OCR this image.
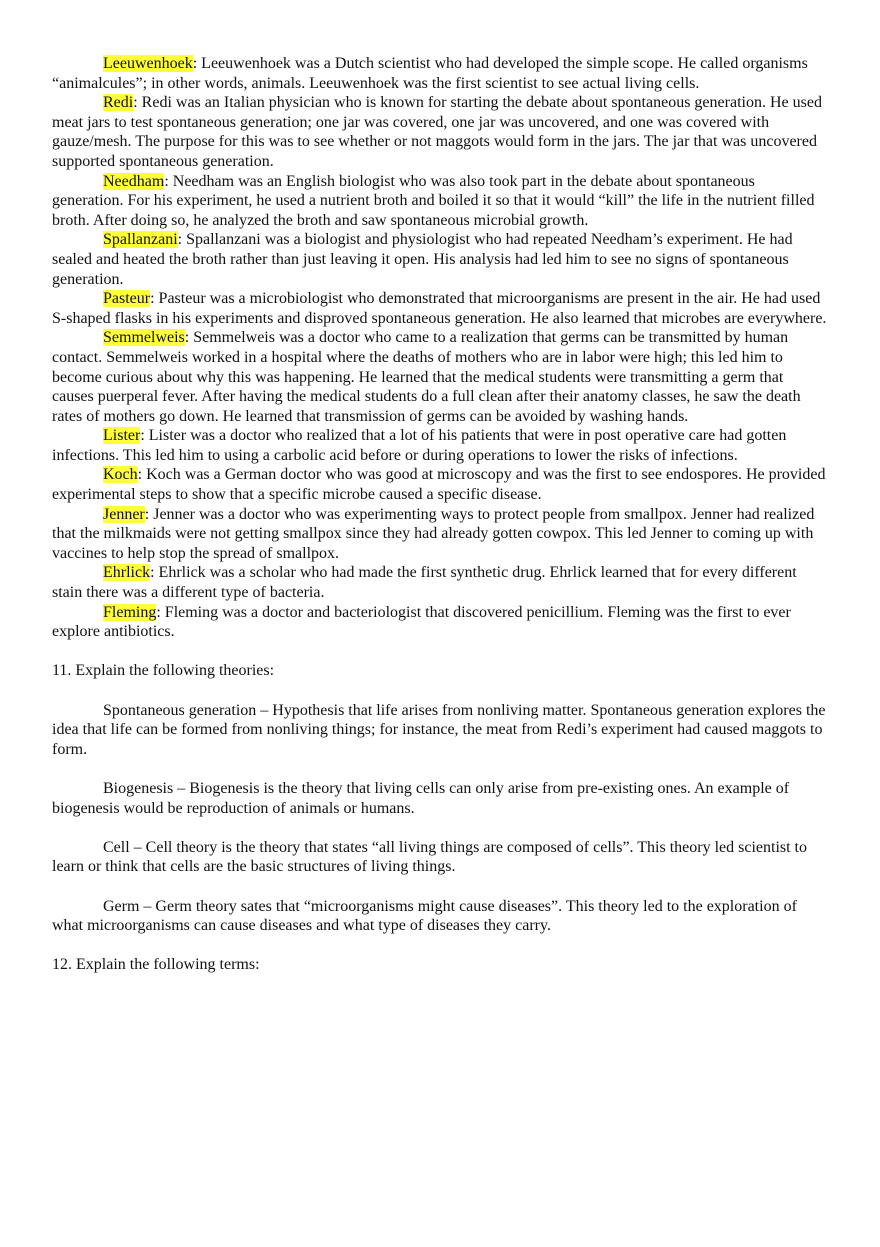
Leeuwenhoek: Leeuwenhoek was a Dutch scientist who had developed the simple scope. He called organisms “animalcules”; in other words, animals. Leeuwenhoek was the first scientist to see actual living cells.

Redi: Redi was an Italian physician who is known for starting the debate about spontaneous generation. He used meat jars to test spontaneous generation; one jar was covered, one jar was uncovered, and one was covered with gauze/mesh. The purpose for this was to see whether or not maggots would form in the jars. The jar that was uncovered supported spontaneous generation.

Needham: Needham was an English biologist who was also took part in the debate about spontaneous generation. For his experiment, he used a nutrient broth and boiled it so that it would “kill” the life in the nutrient filled broth. After doing so, he analyzed the broth and saw spontaneous microbial growth.

Spallanzani: Spallanzani was a biologist and physiologist who had repeated Needham’s experiment. He had sealed and heated the broth rather than just leaving it open. His analysis had led him to see no signs of spontaneous generation.

Pasteur: Pasteur was a microbiologist who demonstrated that microorganisms are present in the air. He had used S-shaped flasks in his experiments and disproved spontaneous generation. He also learned that microbes are everywhere.

Semmelweis: Semmelweis was a doctor who came to a realization that germs can be transmitted by human contact. Semmelweis worked in a hospital where the deaths of mothers who are in labor were high; this led him to become curious about why this was happening. He learned that the medical students were transmitting a germ that causes puerperal fever. After having the medical students do a full clean after their anatomy classes, he saw the death rates of mothers go down. He learned that transmission of germs can be avoided by washing hands.

Lister: Lister was a doctor who realized that a lot of his patients that were in post operative care had gotten infections. This led him to using a carbolic acid before or during operations to lower the risks of infections.

Koch: Koch was a German doctor who was good at microscopy and was the first to see endospores. He provided experimental steps to show that a specific microbe caused a specific disease.

Jenner: Jenner was a doctor who was experimenting ways to protect people from smallpox. Jenner had realized that the milkmaids were not getting smallpox since they had already gotten cowpox. This led Jenner to coming up with vaccines to help stop the spread of smallpox.

Ehrlick: Ehrlick was a scholar who had made the first synthetic drug. Ehrlick learned that for every different stain there was a different type of bacteria.

Fleming: Fleming was a doctor and bacteriologist that discovered penicillium. Fleming was the first to ever explore antibiotics.

11. Explain the following theories:

Spontaneous generation – Hypothesis that life arises from nonliving matter. Spontaneous generation explores the idea that life can be formed from nonliving things; for instance, the meat from Redi’s experiment had caused maggots to form.

Biogenesis – Biogenesis is the theory that living cells can only arise from pre-existing ones. An example of biogenesis would be reproduction of animals or humans.

Cell – Cell theory is the theory that states “all living things are composed of cells”. This theory led scientist to learn or think that cells are the basic structures of living things.

Germ – Germ theory sates that “microorganisms might cause diseases”. This theory led to the exploration of what microorganisms can cause diseases and what type of diseases they carry.

12. Explain the following terms:
